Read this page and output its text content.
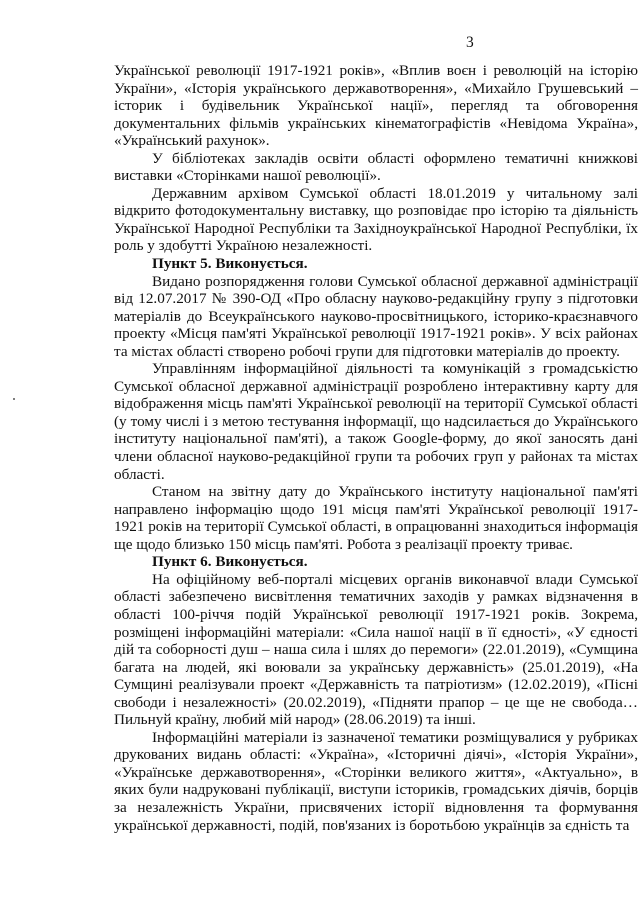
3

Української революції 1917-1921 років», «Вплив воєн і революцій на історію України», «Історія українського державотворення», «Михайло Грушевський – історик і будівельник Української нації», перегляд та обговорення документальних фільмів українських кінематографістів «Невідома Україна», «Український рахунок».

У бібліотеках закладів освіти області оформлено тематичні книжкові виставки «Сторінками нашої революції».

Державним архівом Сумської області 18.01.2019 у читальному залі відкрито фотодокументальну виставку, що розповідає про історію та діяльність Української Народної Республіки та Західноукраїнської Народної Республіки, їх роль у здобутті Україною незалежності.

Пункт 5. Виконується.

Видано розпорядження голови Сумської обласної державної адміністрації від 12.07.2017 № 390-ОД «Про обласну науково-редакційну групу з підготовки матеріалів до Всеукраїнського науково-просвітницького, історико-краєзнавчого проекту «Місця пам'яті Української революції 1917-1921 років». У всіх районах та містах області створено робочі групи для підготовки матеріалів до проекту.

Управлінням інформаційної діяльності та комунікацій з громадськістю Сумської обласної державної адміністрації розроблено інтерактивну карту для відображення місць пам'яті Української революції на території Сумської області (у тому числі і з метою тестування інформації, що надсилається до Українського інституту національної пам'яті), а також Google-форму, до якої заносять дані члени обласної науково-редакційної групи та робочих груп у районах та містах області.

Станом на звітну дату до Українського інституту національної пам'яті направлено інформацію щодо 191 місця пам'яті Української революції 1917-1921 років на території Сумської області, в опрацюванні знаходиться інформація ще щодо близько 150 місць пам'яті. Робота з реалізації проекту триває.

Пункт 6. Виконується.

На офіційному веб-порталі місцевих органів виконавчої влади Сумської області забезпечено висвітлення тематичних заходів у рамках відзначення в області 100-річчя подій Української революції 1917-1921 років. Зокрема, розміщені інформаційні матеріали: «Сила нашої нації в її єдності», «У єдності дій та соборності душ – наша сила і шлях до перемоги» (22.01.2019), «Сумщина багата на людей, які воювали за українську державність» (25.01.2019), «На Сумщині реалізували проект «Державність та патріотизм» (12.02.2019), «Пісні свободи і незалежності» (20.02.2019), «Підняти прапор – це ще не свобода… Пильнуй країну, любий мій народ» (28.06.2019) та інші.

Інформаційні матеріали із зазначеної тематики розміщувалися у рубриках друкованих видань області: «Україна», «Історичні діячі», «Історія України», «Українське державотворення», «Сторінки великого життя», «Актуально», в яких були надруковані публікації, виступи істориків, громадських діячів, борців за незалежність України, присвячених історії відновлення та формування української державності, подій, пов'язаних із боротьбою українців за єдність та
